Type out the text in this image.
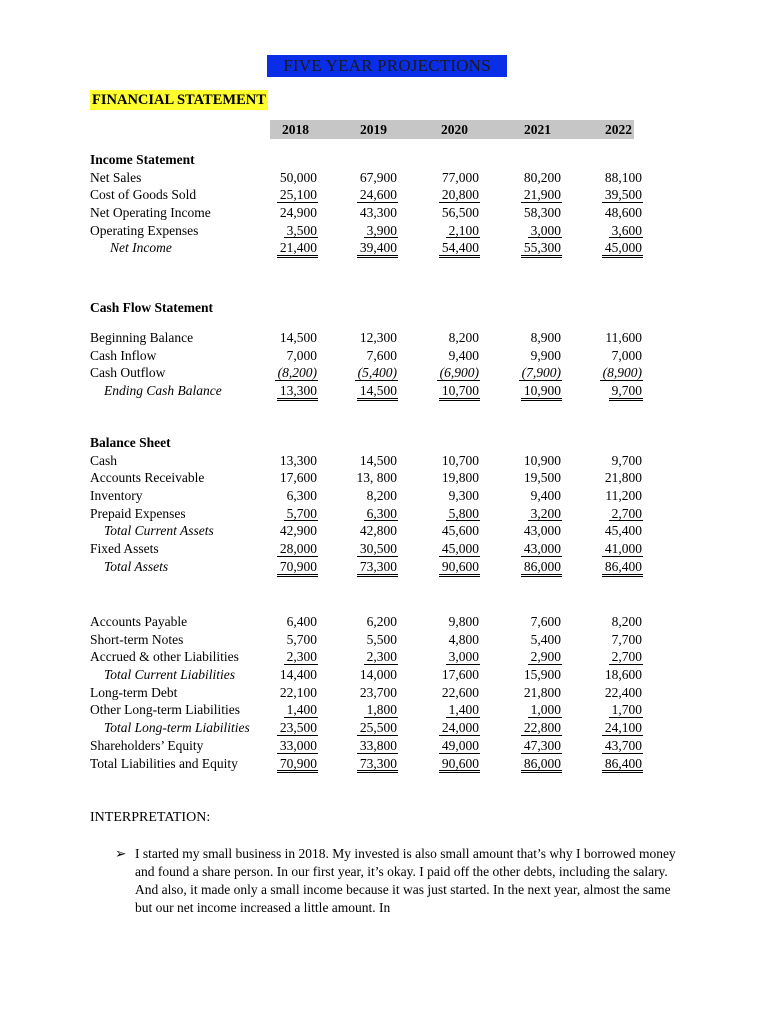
FIVE YEAR PROJECTIONS
FINANCIAL STATEMENT
2018	2019	2020	2021	2022
Income Statement
Net Sales	50,000	67,900	77,000	80,200	88,100
Cost of Goods Sold	25,100	24,600	20,800	21,900	39,500
Net Operating Income	24,900	43,300	56,500	58,300	48,600
Operating Expenses	3,500	3,900	2,100	3,000	3,600
Net Income	21,400	39,400	54,400	55,300	45,000
Cash Flow Statement
Beginning Balance	14,500	12,300	8,200	8,900	11,600
Cash Inflow	7,000	7,600	9,400	9,900	7,000
Cash Outflow	(8,200)	(5,400)	(6,900)	(7,900)	(8,900)
Ending Cash Balance	13,300	14,500	10,700	10,900	9,700
Balance Sheet
Cash	13,300	14,500	10,700	10,900	9,700
Accounts Receivable	17,600	13, 800	19,800	19,500	21,800
Inventory	6,300	8,200	9,300	9,400	11,200
Prepaid Expenses	5,700	6,300	5,800	3,200	2,700
Total Current Assets	42,900	42,800	45,600	43,000	45,400
Fixed Assets	28,000	30,500	45,000	43,000	41,000
Total Assets	70,900	73,300	90,600	86,000	86,400
Accounts Payable	6,400	6,200	9,800	7,600	8,200
Short-term Notes	5,700	5,500	4,800	5,400	7,700
Accrued & other Liabilities	2,300	2,300	3,000	2,900	2,700
Total Current Liabilities	14,400	14,000	17,600	15,900	18,600
Long-term Debt	22,100	23,700	22,600	21,800	22,400
Other Long-term Liabilities	1,400	1,800	1,400	1,000	1,700
Total Long-term Liabilities 23,500	25,500	24,000	22,800	24,100
Shareholders’ Equity	33,000	33,800	49,000	47,300	43,700
Total Liabilities and Equity	70,900	73,300	90,600	86,000	86,400
INTERPRETATION:
➢ I started my small business in 2018. My invested is also small amount that’s why I borrowed money and found a share person. In our first year, it’s okay. I paid off the other debts, including the salary. And also, it made only a small income because it was just started. In the next year, almost the same but our net income increased a little amount. In
